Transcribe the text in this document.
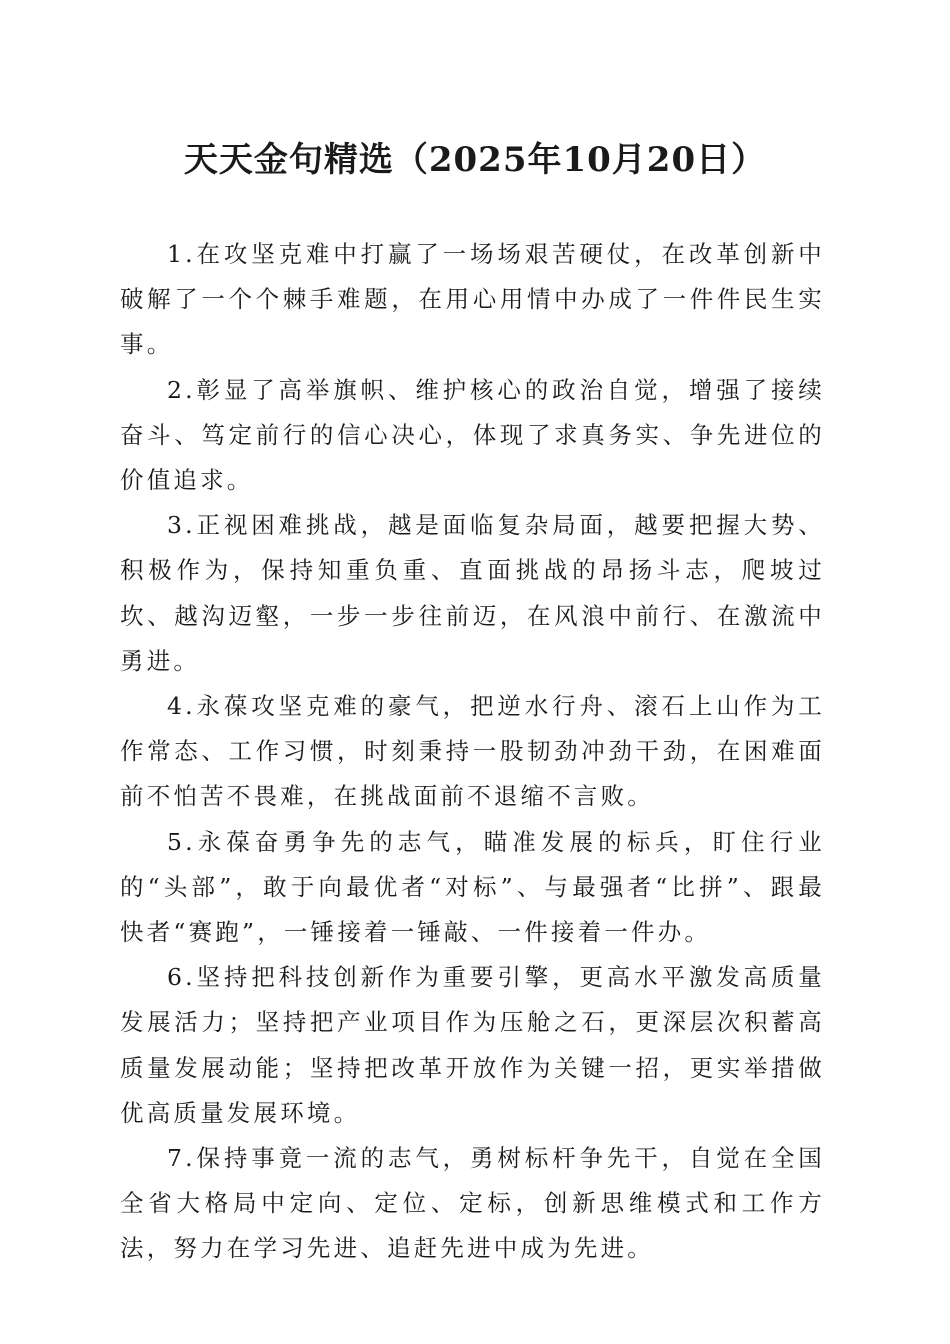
天天金句精选（2025年10月20日）

1.在攻坚克难中打赢了一场场艰苦硬仗，在改革创新中破解了一个个棘手难题，在用心用情中办成了一件件民生实事。

2.彰显了高举旗帜、维护核心的政治自觉，增强了接续奋斗、笃定前行的信心决心，体现了求真务实、争先进位的价值追求。

3.正视困难挑战，越是面临复杂局面，越要把握大势、积极作为，保持知重负重、直面挑战的昂扬斗志，爬坡过坎、越沟迈壑，一步一步往前迈，在风浪中前行、在激流中勇进。

4.永葆攻坚克难的豪气，把逆水行舟、滚石上山作为工作常态、工作习惯，时刻秉持一股韧劲冲劲干劲，在困难面前不怕苦不畏难，在挑战面前不退缩不言败。

5.永葆奋勇争先的志气，瞄准发展的标兵，盯住行业的“头部”，敢于向最优者“对标”、与最强者“比拼”、跟最快者“赛跑”，一锤接着一锤敲、一件接着一件办。

6.坚持把科技创新作为重要引擎，更高水平激发高质量发展活力；坚持把产业项目作为压舱之石，更深层次积蓄高质量发展动能；坚持把改革开放作为关键一招，更实举措做优高质量发展环境。

7.保持事竟一流的志气，勇树标杆争先干，自觉在全国全省大格局中定向、定位、定标，创新思维模式和工作方法，努力在学习先进、追赶先进中成为先进。
